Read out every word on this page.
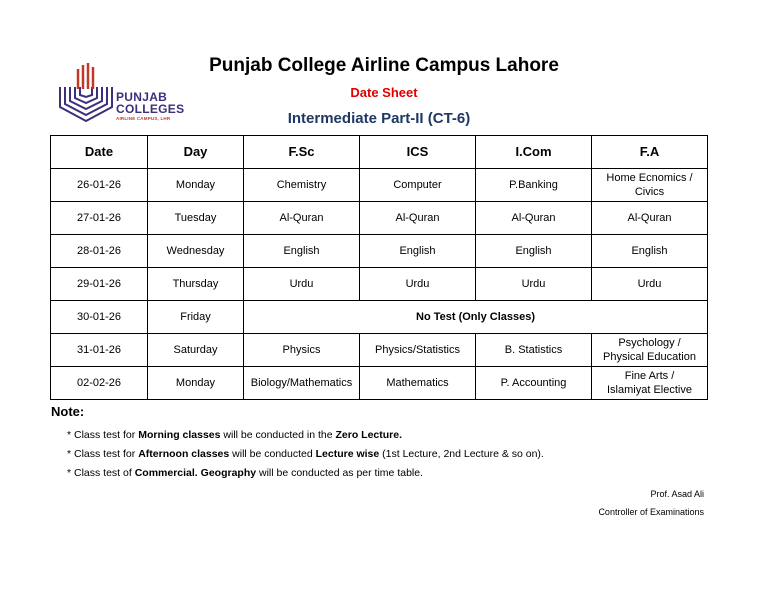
PUNJAB
COLLEGES
AIRLINE CAMPUS, LHR
Punjab College Airline Campus Lahore
Date Sheet
Intermediate Part-II (CT-6)
Date	Day	F.Sc	ICS	I.Com	F.A
26-01-26	Monday	Chemistry	Computer	P.Banking	Home Ecnomics /
Civics
27-01-26	Tuesday	Al-Quran	Al-Quran	Al-Quran	Al-Quran
28-01-26	Wednesday	English	English	English	English
29-01-26	Thursday	Urdu	Urdu	Urdu	Urdu
30-01-26	Friday	No Test (Only Classes)			
31-01-26	Saturday	Physics	Physics/Statistics	B. Statistics	Psychology /
Physical Education
02-02-26	Monday	Biology/Mathematics	Mathematics	P. Accounting	Fine Arts /
Islamiyat Elective
Note:
* Class test for Morning classes will be conducted in the Zero Lecture.
* Class test for Afternoon classes will be conducted Lecture wise (1st Lecture, 2nd Lecture & so on).
* Class test of Commercial. Geography will be conducted as per time table.
Prof. Asad Ali
Controller of Examinations
